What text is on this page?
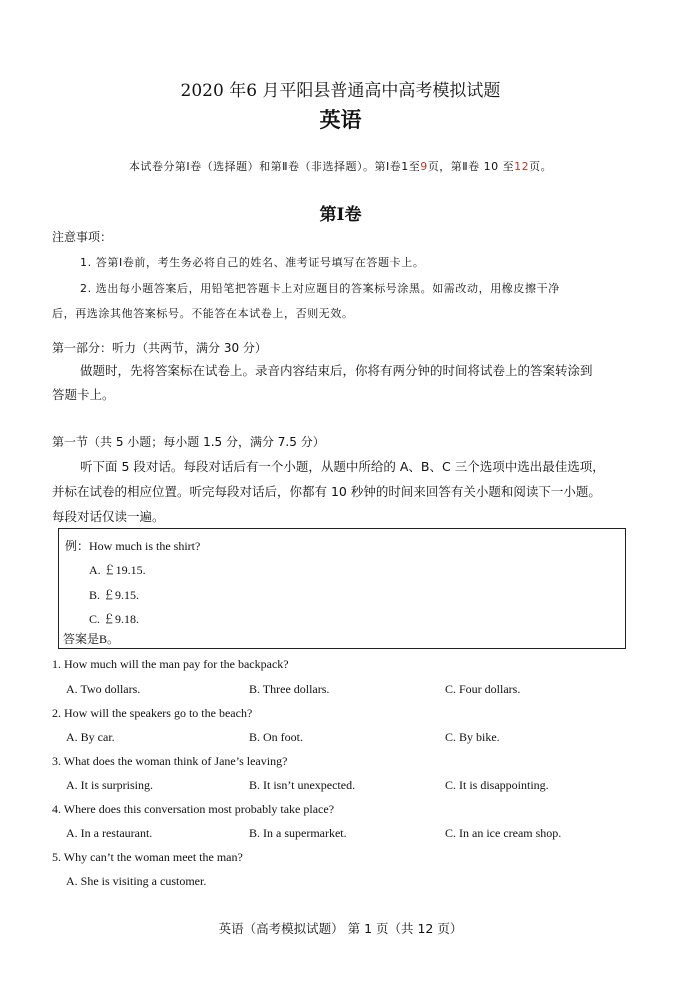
2020 年6 月平阳县普通高中高考模拟试题
英语
本试卷分第Ⅰ卷（选择题）和第Ⅱ卷（非选择题）。第Ⅰ卷1至9页，第Ⅱ卷 10 至12页。
第Ⅰ卷
注意事项：
1. 答第Ⅰ卷前，考生务必将自己的姓名、准考证号填写在答题卡上。
2. 选出每小题答案后，用铅笔把答题卡上对应题目的答案标号涂黑。如需改动，用橡皮擦干净
后，再选涂其他答案标号。不能答在本试卷上，否则无效。
第一部分：听力（共两节，满分 30 分）
做题时，先将答案标在试卷上。录音内容结束后，你将有两分钟的时间将试卷上的答案转涂到
答题卡上。
第一节（共 5 小题；每小题 1.5 分，满分 7.5 分）
听下面 5 段对话。每段对话后有一个小题，从题中所给的 A、B、C 三个选项中选出最佳选项，
并标在试卷的相应位置。听完每段对话后，你都有 10 秒钟的时间来回答有关小题和阅读下一小题。
每段对话仅读一遍。
例：How much is the shirt?
A. ￡19.15.
B. ￡9.15.
C. ￡9.18.
答案是B。
1. How much will the man pay for the backpack?
A. Two dollars.	B. Three dollars.	C. Four dollars.
2. How will the speakers go to the beach?
A. By car.	B. On foot.	C. By bike.
3. What does the woman think of Jane’s leaving?
A. It is surprising.	B. It isn’t unexpected.	C. It is disappointing.
4. Where does this conversation most probably take place?
A. In a restaurant.	B. In a supermarket.	C. In an ice cream shop.
5. Why can’t the woman meet the man?
A. She is visiting a customer.
英语（高考模拟试题） 第 1 页（共 12 页）
